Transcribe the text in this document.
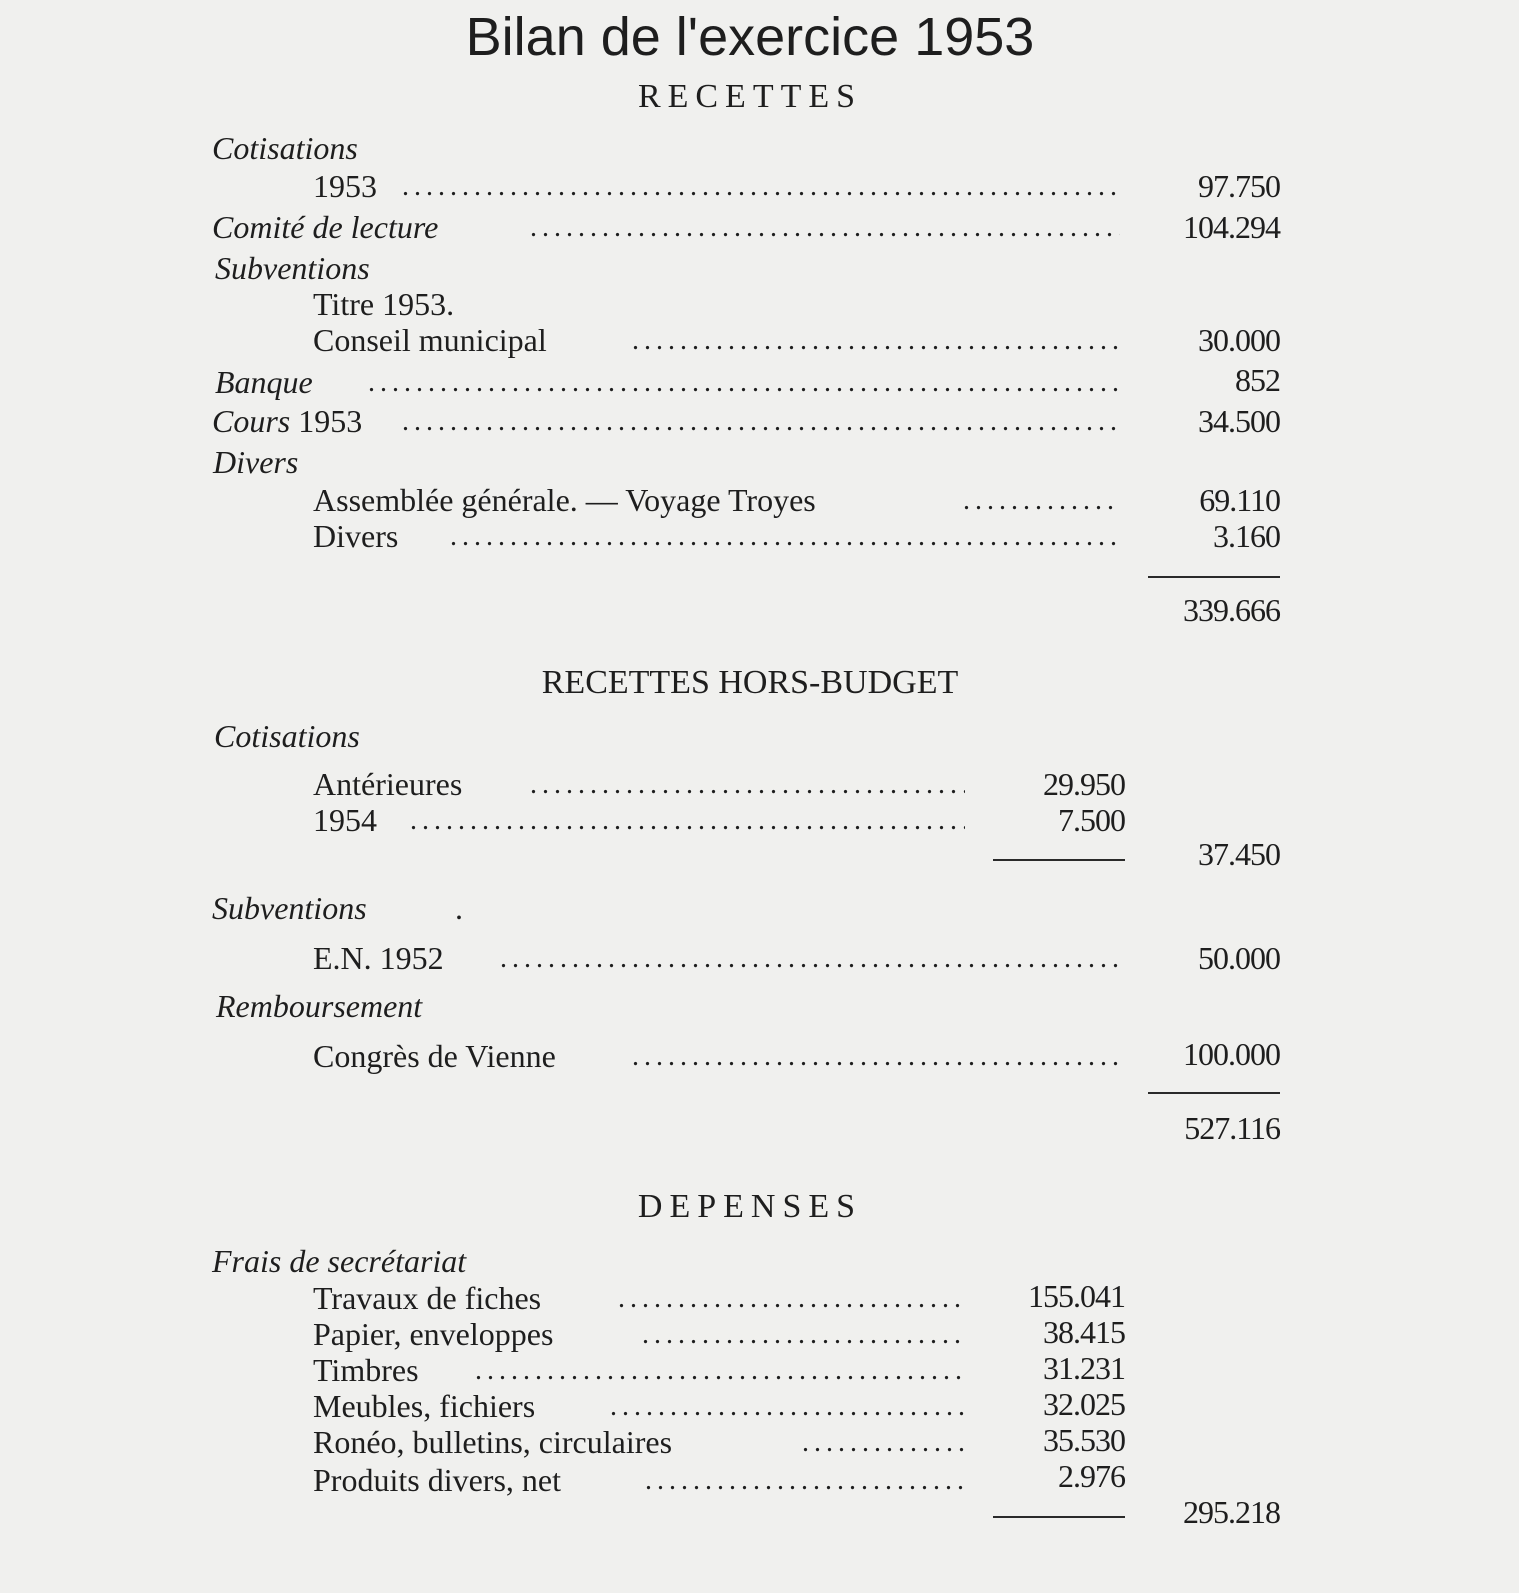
Bilan de l'exercice 1953
RECETTES
Cotisations
1953 .....	97.750
Comité de lecture .....	104.294
Subventions
Titre 1953.
Conseil municipal .....	30.000
Banque .....	852
Cours 1953 .....	34.500
Divers
Assemblée générale. — Voyage Troyes .....	69.110
Divers .....	3.160
339.666
RECETTES HORS-BUDGET
Cotisations
Antérieures .....	29.950
1954 .....	7.500
37.450
Subventions	.
E.N. 1952 .....	50.000
Remboursement
Congrès de Vienne .....	100.000
527.116
DEPENSES
Frais de secrétariat
Travaux de fiches .....	155.041
Papier, enveloppes .....	38.415
Timbres .....	31.231
Meubles, fichiers .....	32.025
Ronéo, bulletins, circulaires .....	35.530
Produits divers, net .....	2.976
295.218
